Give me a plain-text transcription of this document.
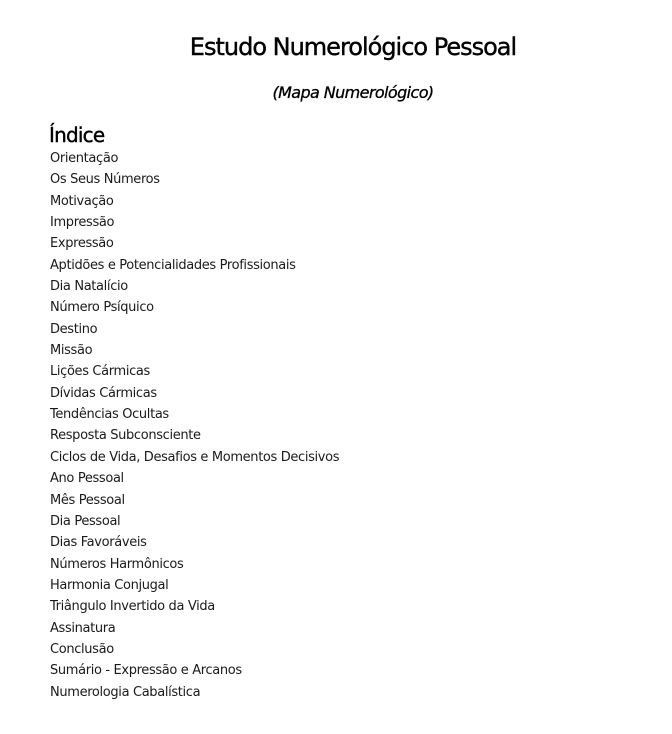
Estudo Numerológico Pessoal
(Mapa Numerológico)
Índice
Orientação
Os Seus Números
Motivação
Impressão
Expressão
Aptidões e Potencialidades Profissionais
Dia Natalício
Número Psíquico
Destino
Missão
Lições Cármicas
Dívidas Cármicas
Tendências Ocultas
Resposta Subconsciente
Ciclos de Vida, Desafios e Momentos Decisivos
Ano Pessoal
Mês Pessoal
Dia Pessoal
Dias Favoráveis
Números Harmônicos
Harmonia Conjugal
Triângulo Invertido da Vida
Assinatura
Conclusão
Sumário - Expressão e Arcanos
Numerologia Cabalística
